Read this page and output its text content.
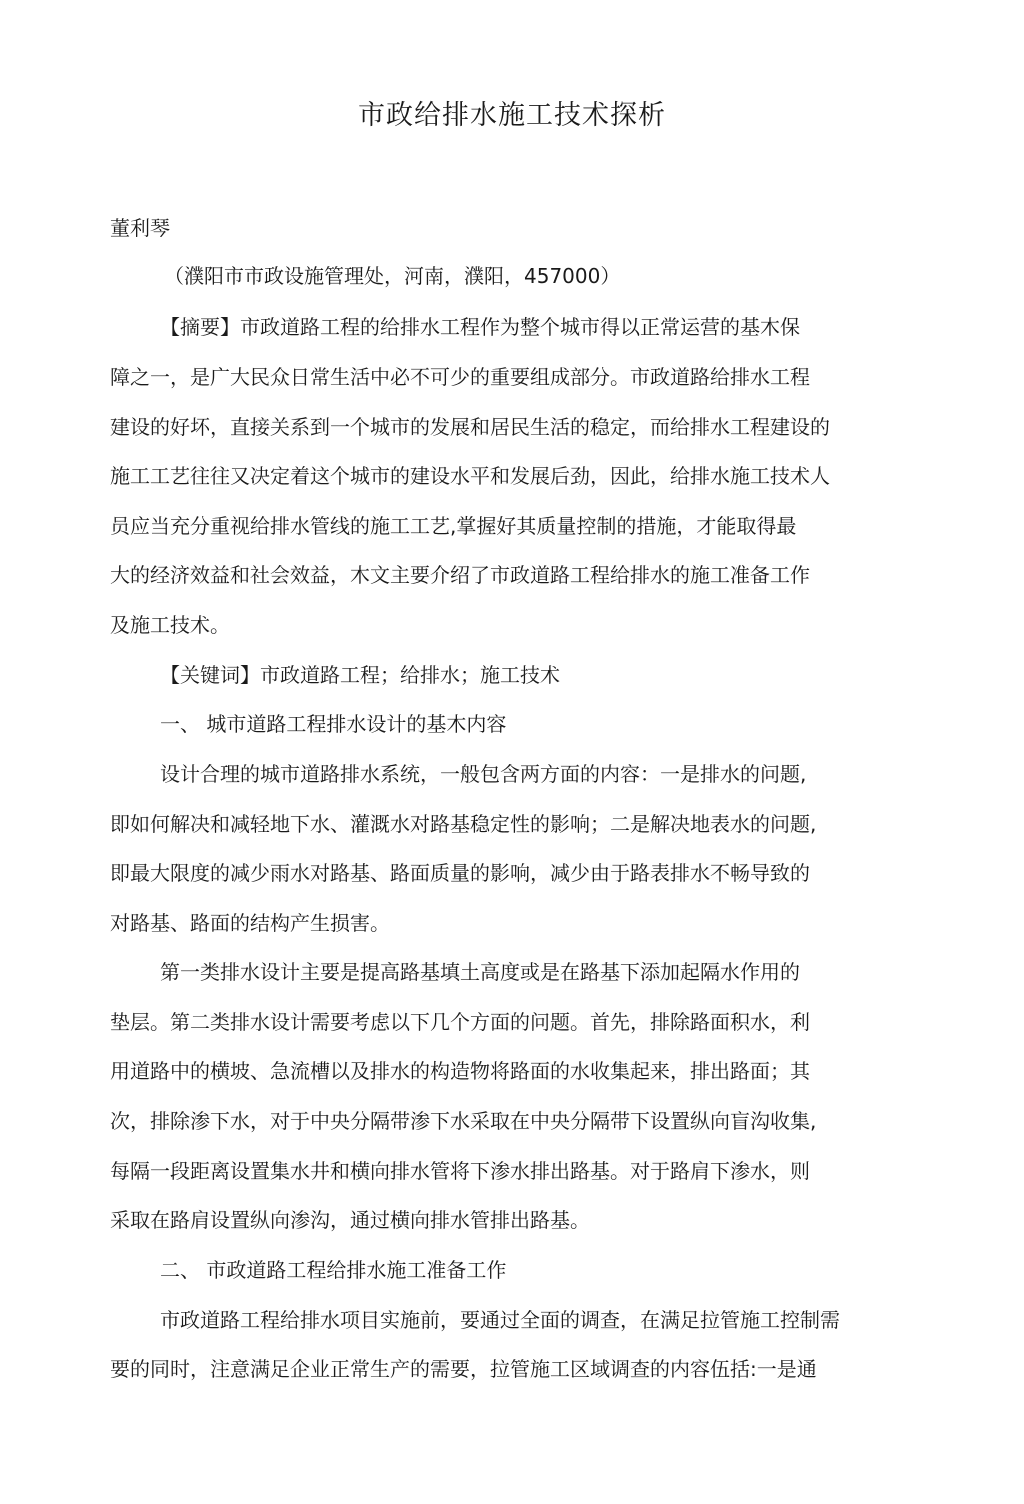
市政给排水施工技术探析
董利琴
（濮阳市市政设施管理处，河南，濮阳，457000）
【摘要】市政道路工程的给排水工程作为整个城市得以正常运营的基木保
障之一，是广大民众日常生活中必不可少的重要组成部分。市政道路给排水工程
建设的好坏，直接关系到一个城市的发展和居民生活的稳定，而给排水工程建设的
施工工艺往往又决定着这个城市的建设水平和发展后劲，因此，给排水施工技术人
员应当充分重视给排水管线的施工工艺,掌握好其质量控制的措施，才能取得最
大的经济效益和社会效益，木文主要介绍了市政道路工程给排水的施工准备工作
及施工技术。
【关键词】市政道路工程；给排水；施工技术
一、 城市道路工程排水设计的基木内容
设计合理的城市道路排水系统，一般包含两方面的内容：一是排水的问题,
即如何解决和减轻地下水、灌溉水对路基稳定性的影响；二是解决地表水的问题,
即最大限度的减少雨水对路基、路面质量的影响，减少由于路表排水不畅导致的
对路基、路面的结构产生损害。
第一类排水设计主要是提高路基填土高度或是在路基下添加起隔水作用的
垫层。第二类排水设计需要考虑以下几个方面的问题。首先，排除路面积水，利
用道路中的横坡、急流槽以及排水的构造物将路面的水收集起来，排出路面；其
次，排除渗下水，对于中央分隔带渗下水采取在中央分隔带下设置纵向盲沟收集,
每隔一段距离设置集水井和横向排水管将下渗水排出路基。对于路肩下渗水，则
采取在路肩设置纵向渗沟，通过横向排水管排出路基。
二、 市政道路工程给排水施工准备工作
市政道路工程给排水项目实施前，要通过全面的调查，在满足拉管施工控制需
要的同时，注意满足企业正常生产的需要，拉管施工区域调查的内容伍括:一是通
